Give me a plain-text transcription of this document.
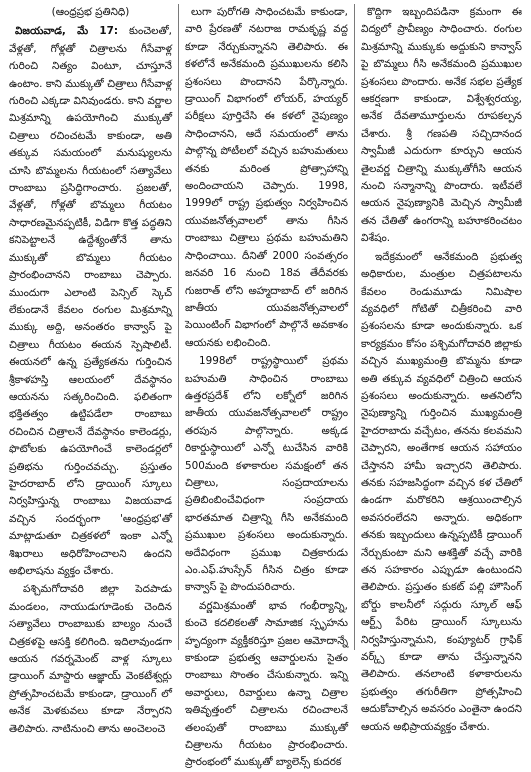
(ఆంధ్రప్రభ ప్రతినిధి)

విజయవాడ, మే 17: కుంచెలతో, వేళ్లతో, గోళ్లతో చిత్రాలను గీసేవాళ్ల గురించి నిత్యం వింటూ, చూస్తూనే ఉంటాం. కాని ముక్కుతో చిత్రాలు గీసేవాళ్ల గురించి ఎక్కడా వినివుండరు. కాని వర్ణాల మిశ్రమాన్ని ఉపయోగించి ముక్కుతో చిత్రాలు రచించటమే కాకుండా, అతి తక్కువ సమయంలో మనుష్యులను చూసి బొమ్మలను గీయటంలో సత్యావేలు రాంబాబు ప్రసిద్ధిగాంచారు. ప్రజలతో, వేళ్లతో, గోళ్లతో బొమ్మలు గీయటం సాధారణమైనప్పటికీ, విడిగా కొత్త పద్ధతిని కనిపెట్టాలనే ఉద్దేశ్యంతోనే తాను ముక్కుతో బొమ్మలు గీయటం ప్రారంభించానని రాంబాబు చెప్పారు. ముందుగా ఎలాంటి పెన్సిల్ స్కెచ్ లేకుండానే కేవలం రంగుల మిశ్రమాన్ని ముక్కు అద్ది, అనంతరం కాన్వాస్ పై చిత్రాలు గీయటం ఈయన స్పెషాలిటీ. ఈయనలో ఉన్న ప్రత్యేకతను గుర్తించిన శ్రీకాళహస్తి ఆలయంలో దేవస్థానం ఆయనను సత్కరించింది. ఫలితంగా భక్తితత్వం ఉట్టిపడేలా రాంబాబు రచించిన చిత్రాలనే దేవస్థానం కాలెండర్లు, ఫొటోలకు ఉపయోగించే కాలెండర్లలో ప్రతిభను గుర్తించవచ్చు. ప్రస్తుతం హైదరాబాద్ లోని డ్రాయింగ్ స్కూలు నిర్వహిస్తున్న రాంబాబు విజయవాడ వచ్చిన సందర్భంగా 'ఆంధ్రప్రభ'తో మాట్లాడుతూ చిత్రకళలో ఇంకా ఎన్నో శిఖరాలు అధిరోహించాలని ఉందని అభిలాషను వ్యక్తం చేశారు.

పశ్చిమగోదావరి జిల్లా పెదపాడు మండలం, నాయుడుగూడెంకు చెందిన సత్యావేలు రాంబాబుకు బాల్యం నుంచే చిత్రకళపై ఆసక్తి కలిగింది. ఇదిలావుండగా ఆయన గవర్నమెంట్ వాళ్ల స్కూలు డ్రాయింగ్ మాస్టారు ఆజ్ఞాయ్ వెంకటేశ్వర్లు ప్రోత్సహించటమే కాకుండా, డ్రాయింగ్ లో అనేక మెళకువలు కూడా నేర్పారని తెలిపారు. నాటినుంచి తాను అంచెలంచె

లుగా పురోగతి సాధించటమే కాకుండా, వారి ప్రేరణతో నటరాజ రామకృష్ణ వద్ద కూడా నేర్చుకున్నానని తెలిపారు. ఈ కళలోనే అనేకమంది ప్రముఖులను కలిసి ప్రశంసలు పొందానని పేర్కొన్నారు. డ్రాయింగ్ విభాగంలో లోయర్, హయ్యర్ పరీక్షలు పూర్తిచేసి ఈ కళలో నైపుణ్యం సాధించానని, ఆదే సమయంలో తాను పాల్గొన్న పోటీలలో వచ్చిన బహుమతులు తనకు మరింత ప్రోత్సాహాన్ని అందించాయని చెప్పారు. 1998, 1999లో రాష్ట్ర ప్రభుత్వం నిర్వహించిన యువజనోత్సవాలలో తాను గీసిన రాంబాబు చిత్రాలు ప్రథమ బహుమతిని సాధించాయి. దీనితో 2000 సంవత్సరం జనవరి 16 నుంచి 18వ తేదీవరకు గుజరాత్ లోని అహ్మదాబాద్ లో జరిగిన జాతీయ యువజనోత్సవాలలో పెయింటింగ్ విభాగంలో పాల్గొనే అవకాశం ఆయనకు లభించింది.

1998లో రాష్ట్రస్థాయిలో ప్రథమ బహుమతి సాధించిన రాంబాబు ఉత్తరప్రదేశ్ లోని లక్నోలో జరిగిన జాతీయ యువజనోత్సవాలలో రాష్ట్రం తరపున పాల్గొన్నారు. అక్కడ రికార్డుస్థాయిలో ఎన్నో టుచేసిన వారికి 500మంది కళాకారుల సమక్షంలో తన చిత్రాలు, సంప్రదాయాలను ప్రతిబింబించేవిధంగా సంప్రదాయ భారతమాత చిత్రాన్ని గీసి అనేకమంది ప్రముఖుల ప్రశంసలు అందుకున్నారు. అదేవిధంగా ప్రముఖ చిత్రకారుడు ఎం.ఎఫ్.హుస్సేన్ గీసిన చిత్రం కూడా కాన్వాస్ పై పొందుపరిచారు.

వర్ణమిశ్రమంతో భావ గంభీర్యాన్ని, కుంచె కదలికలతో సామాజిక స్పృహను హృద్యంగా వ్యక్తీకరిస్తూ ప్రజల ఆమోదాన్నే కాకుండా ప్రభుత్వ ఆవార్డులను సైతం రాంబాబు సొంతం చేసుకున్నారు. ఇన్ని అవార్డులు, రివార్డులు ఉన్నా చిత్రాల ఇతివృత్తంలో చిత్రాలను రచించాలనే తలంపుతో రాంబాబు ముక్కుతో చిత్రాలను గీయటం ప్రారంభించారు. ప్రారంభంలో ముక్కుతో బ్యాలెన్స్ కుదరక

కొద్దిగా ఇబ్బందిపడినా క్రమంగా ఈ విద్యలో ప్రావీణ్యం సాధించారు. రంగుల మిశ్రమాన్ని ముక్కుకు అద్దుకుని కాన్వాస్ పై బొమ్మలు గీసి అనేకమంది ప్రముఖుల ప్రశంసలు పొందారు. అనేక సభల ప్రత్యేక ఆకర్షణగా కాకుండా, విశ్వేశ్వరయ్య, అనేక దేవతామూర్తులను రూపకల్పన చేశారు. శ్రీ గణపతి సచ్చిదానంద స్వామీజీ ఎదురుగా కూర్చుని ఆయన తైలవర్ణ చిత్రాన్ని ముక్కుతోగీసి ఆయన నుంచి సన్మానాన్ని పొందారు. ఇటీవలే ఆయన నైపుణ్యానికి మెచ్చిన స్వామీజీ తన చేతితో ఉంగరాన్ని బహూకరించటం విశేషం.

ఇదేక్రమంలో ఆనేకమంది ప్రభుత్వ అధికారుల, మంత్రుల చిత్రపటాలను కేవలం రెండుమూడు నిమిషాల వ్యవధిలో గోటితో చిత్రీకరించి వారి ప్రశంసలను కూడా అందుకున్నారు. ఒక కార్యక్రమం కోసం పశ్చిమగోదావరి జిల్లాకు వచ్చిన ముఖ్యమంత్రి బొమ్మను కూడా అతి తక్కువ వ్యవధిలో చిత్రించి ఆయన ప్రశంసలు అందుకున్నారు. అతనిలోని నైపుణ్యాన్ని గుర్తించిన ముఖ్యమంత్రి హైదరాబాదు వచ్చేటం, తనను కలవమని చెప్పారని, అంతేగాక ఆయన సహాయం చేస్తానని హామీ ఇచ్చారని తెలిపారు. తనకు సహజసిద్ధంగా వచ్చిన కళ చేతిలో ఉండగా మరొకరిని ఆశ్రయించాల్సిన అవసరంలేదని అన్నారు. అధికంగా తనకు ఇబ్బందులు ఉన్నప్పటికీ డ్రాయింగ్ నేర్చుకుంటా మని ఆశక్తితో వచ్చే వారికి తన సహకారం ఎప్పుడూ ఉంటుందని తెలిపారు. ప్రస్తుతం కుకట్ పల్లి హౌసింగ్ బోర్డు కాలనీలో సద్గురు స్కూల్ ఆఫ్ ఆర్ట్స్ పేరిట డ్రాయింగ్ స్కూలును నిర్వహిస్తున్నామని, కంప్యూటర్ గ్రాఫిక్ వర్క్స్ కూడా తాను చేస్తున్నానని తెలిపారు. తనలాంటి కళాకారులను ప్రభుత్వం తగురీతిగా ప్రోత్సహించి ఆదుకోవాల్సిన అవసరం ఎంతైనా ఉందని ఆయన అభిప్రాయవ్యక్తం చేశారు.
